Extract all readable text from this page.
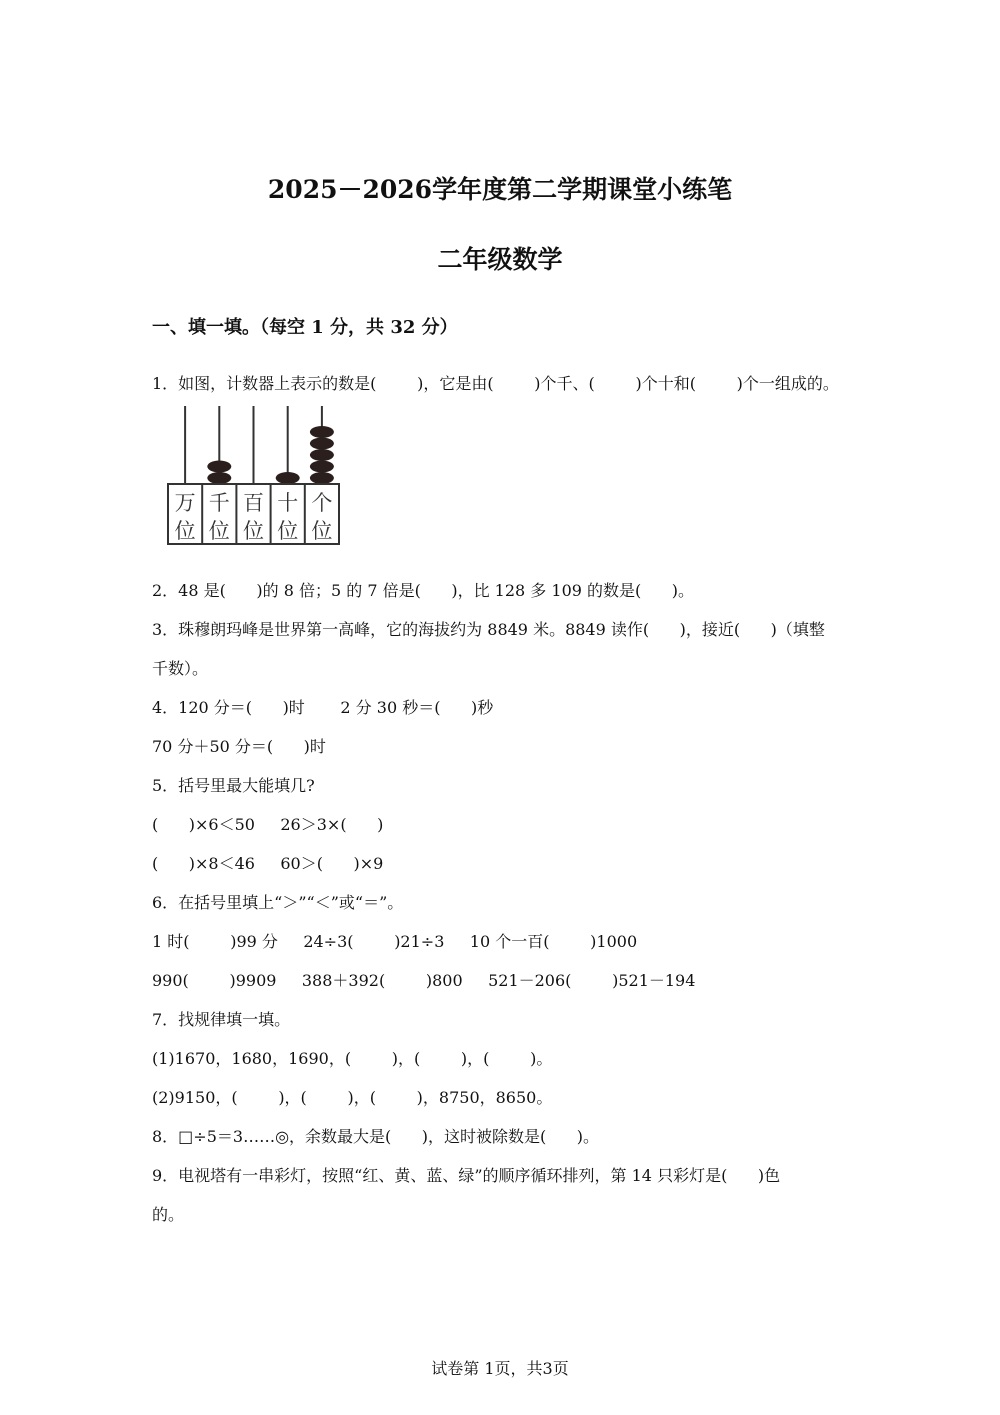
2025－2026学年度第二学期课堂小练笔
二年级数学
一、填一填。（每空 1 分，共 32 分）
1．如图，计数器上表示的数是(        )，它是由(        )个千、(        )个十和(        )个一组成的。
万
位
千
位
百
位
十
位
个
位
2．48 是(      )的 8 倍；5 的 7 倍是(      )，比 128 多 109 的数是(      )。
3．珠穆朗玛峰是世界第一高峰，它的海拔约为 8849 米。8849 读作(      )，接近(      )（填整
千数）。
4．120 分＝(      )时       2 分 30 秒＝(      )秒
70 分＋50 分＝(      )时
5．括号里最大能填几?
(      )×6＜50     26＞3×(      )
(      )×8＜46     60＞(      )×9
6．在括号里填上“＞”“＜”或“＝”。
1 时(        )99 分     24÷3(        )21÷3     10 个一百(        )1000
990(        )9909     388＋392(        )800     521－206(        )521－194
7．找规律填一填。
(1)1670，1680，1690，(        )，(        )，(        )。
(2)9150，(        )，(        )，(        )，8750，8650。
8．□÷5＝3……◎，余数最大是(      )，这时被除数是(      )。
9．电视塔有一串彩灯，按照“红、黄、蓝、绿”的顺序循环排列，第 14 只彩灯是(      )色
的。
试卷第 1页，共3页
